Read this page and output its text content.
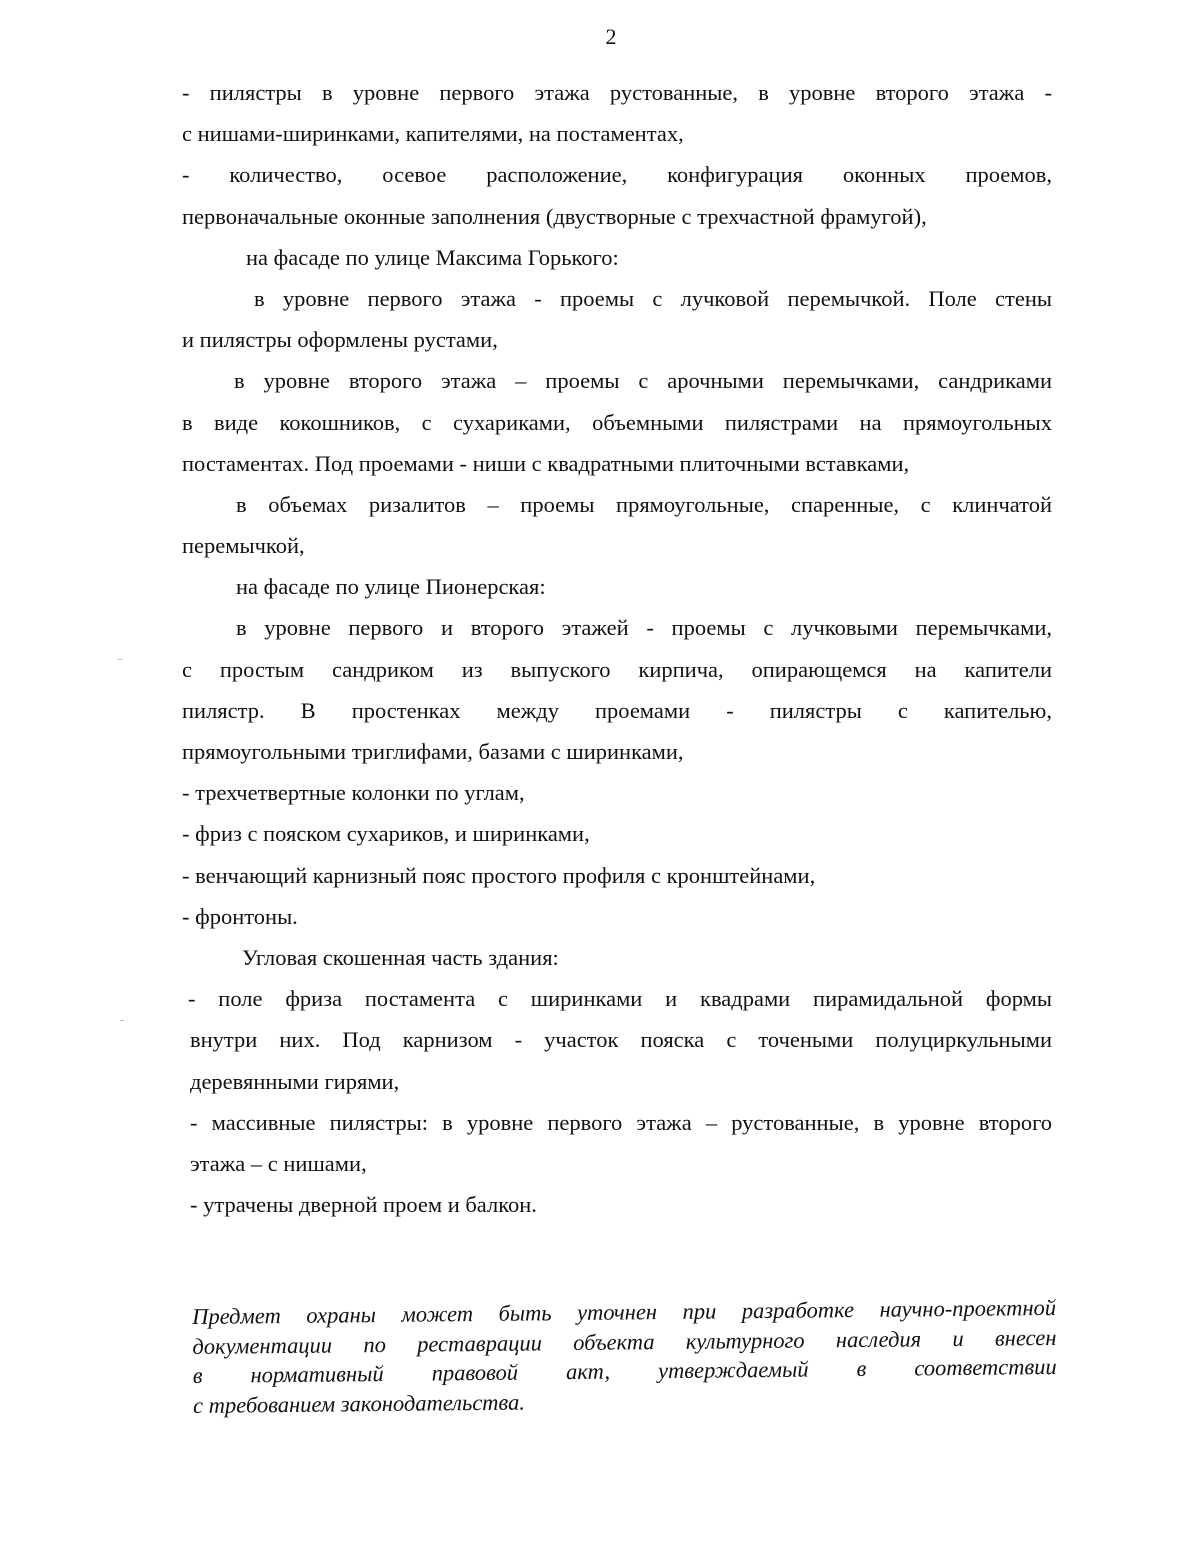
2
- пилястры в уровне первого этажа рустованные, в уровне второго этажа -
с нишами-ширинками, капителями, на постаментах,
- количество, осевое расположение, конфигурация оконных проемов,
первоначальные оконные заполнения (двустворные с трехчастной фрамугой),
на фасаде по улице Максима Горького:
в уровне первого этажа - проемы с лучковой перемычкой. Поле стены
и пилястры оформлены рустами,
в уровне второго этажа – проемы с арочными перемычками, сандриками
в виде кокошников, с сухариками, объемными пилястрами на прямоугольных
постаментах. Под проемами - ниши с квадратными плиточными вставками,
в объемах ризалитов – проемы прямоугольные, спаренные, с клинчатой
перемычкой,
на фасаде по улице Пионерская:
в уровне первого и второго этажей - проемы с лучковыми перемычками,
с простым сандриком из выпуского кирпича, опирающемся на капители
пилястр. В простенках между проемами - пилястры с капителью,
прямоугольными триглифами, базами с ширинками,
- трехчетвертные колонки по углам,
- фриз с пояском сухариков, и ширинками,
- венчающий карнизный пояс простого профиля с кронштейнами,
- фронтоны.
Угловая скошенная часть здания:
- поле фриза постамента с ширинками и квадрами пирамидальной формы
внутри них. Под карнизом - участок пояска с точеными полуциркульными
деревянными гирями,
- массивные пилястры: в уровне первого этажа – рустованные, в уровне второго
этажа – с нишами,
- утрачены дверной проем и балкон.
Предмет охраны может быть уточнен при разработке научно-проектной
документации по реставрации объекта культурного наследия и внесен
в нормативный правовой акт, утверждаемый в соответствии
с требованием законодательства.
